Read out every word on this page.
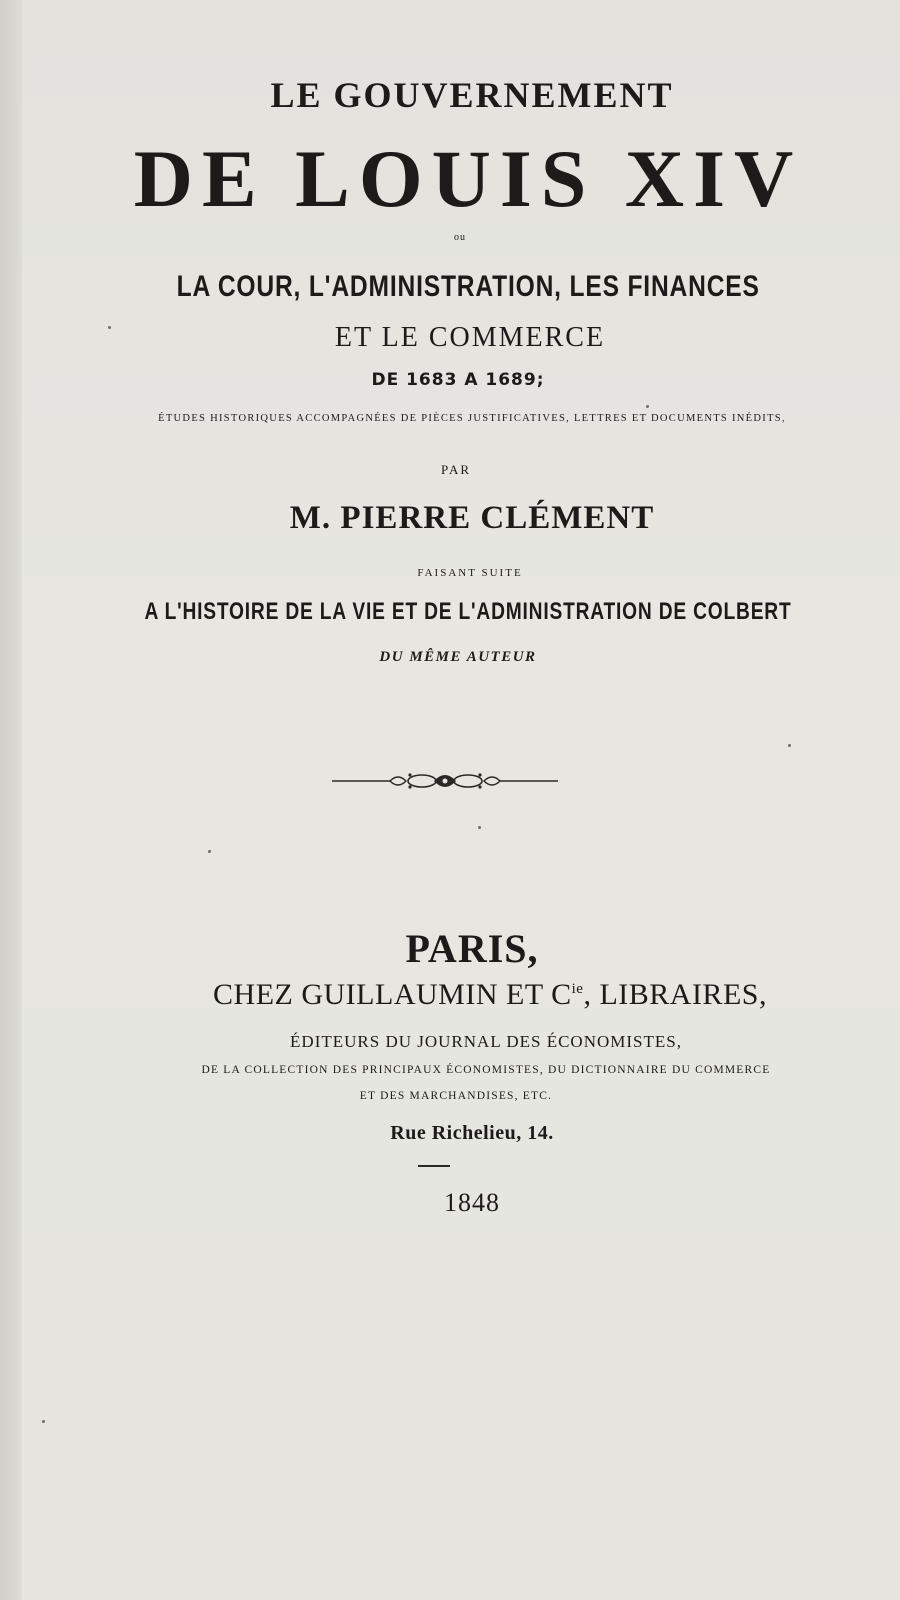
LE GOUVERNEMENT
DE LOUIS XIV
ou
LA COUR, L'ADMINISTRATION, LES FINANCES
ET LE COMMERCE
DE 1683 A 1689;
ÉTUDES HISTORIQUES ACCOMPAGNÉES DE PIÈCES JUSTIFICATIVES, LETTRES ET DOCUMENTS INÉDITS,
PAR
M. PIERRE CLÉMENT
FAISANT SUITE
A L'HISTOIRE DE LA VIE ET DE L'ADMINISTRATION DE COLBERT
DU MÊME AUTEUR
PARIS,
CHEZ GUILLAUMIN ET $C^{ie}$, LIBRAIRES,
ÉDITEURS DU JOURNAL DES ÉCONOMISTES,
DE LA COLLECTION DES PRINCIPAUX ÉCONOMISTES, DU DICTIONNAIRE DU COMMERCE
ET DES MARCHANDISES, ETC.
Rue Richelieu, 14.
1848
